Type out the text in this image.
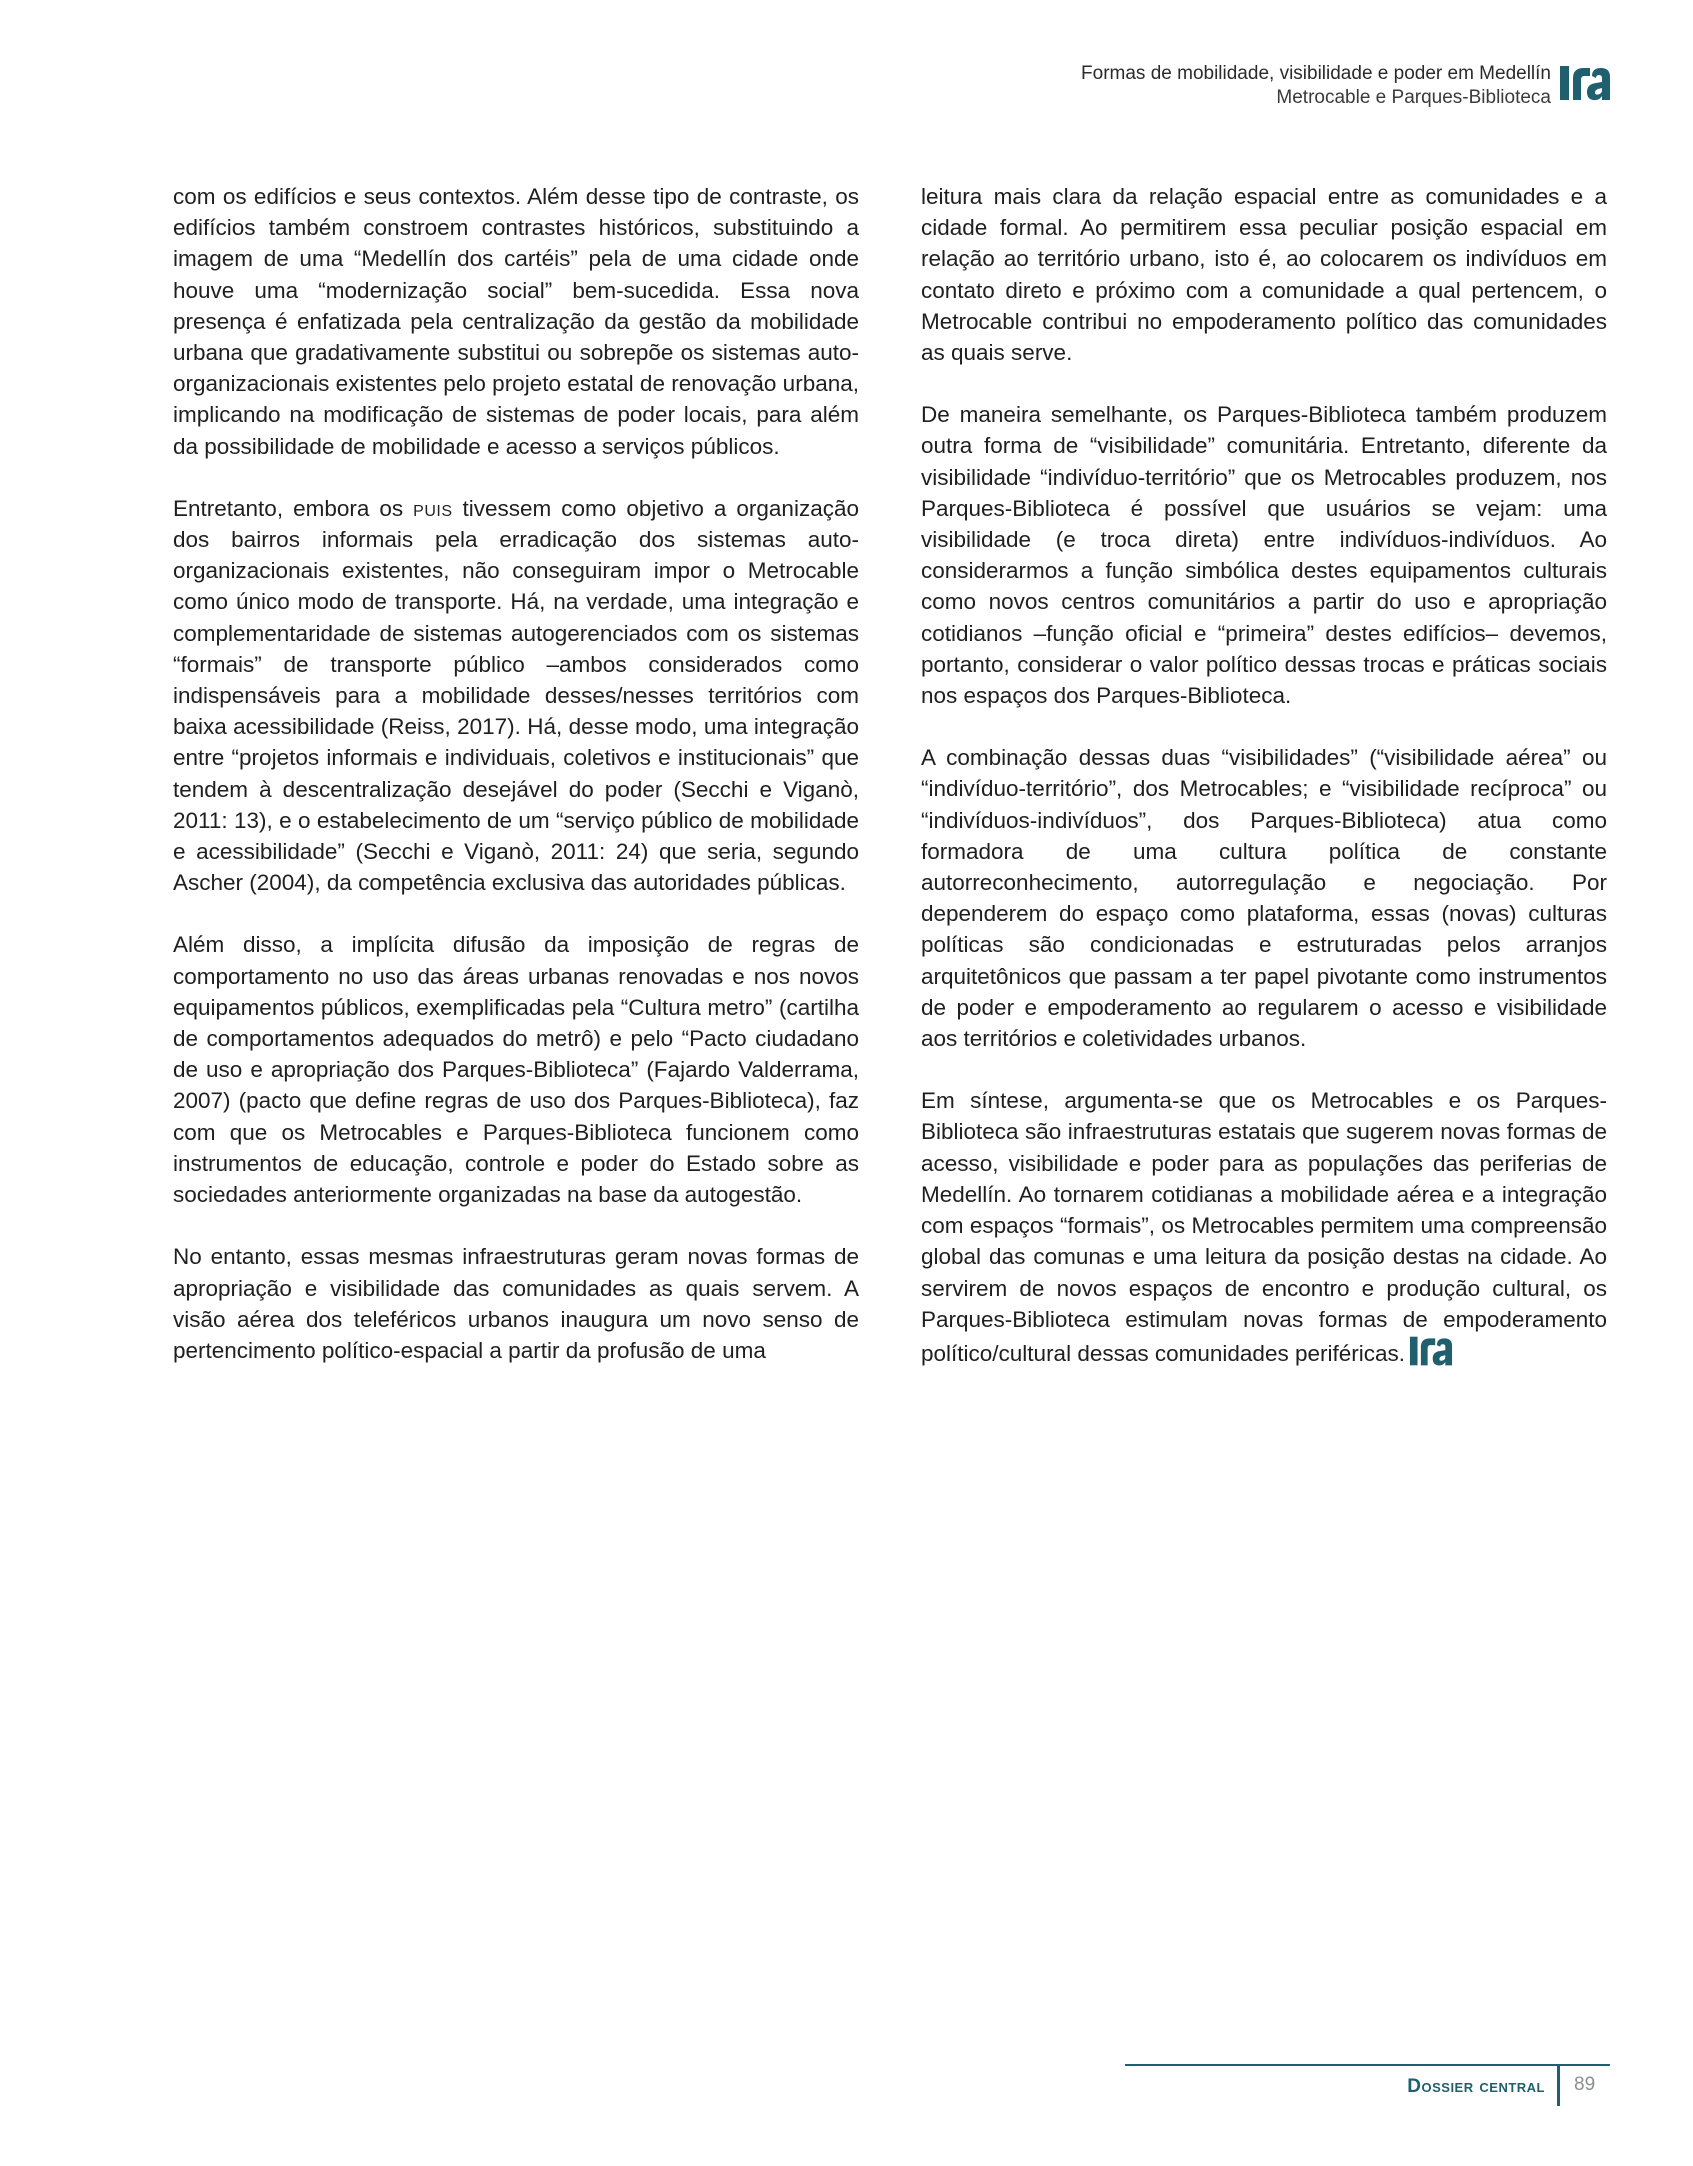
Formas de mobilidade, visibilidade e poder em Medellín
Metrocable e Parques-Biblioteca

com os edifícios e seus contextos. Além desse tipo de contraste, os edifícios também constroem contrastes históricos, substituindo a imagem de uma “Medellín dos cartéis” pela de uma cidade onde houve uma “modernização social” bem-sucedida. Essa nova presença é enfatizada pela centralização da gestão da mobilidade urbana que gradativamente substitui ou sobrepõe os sistemas auto-organizacionais existentes pelo projeto estatal de renovação urbana, implicando na modificação de sistemas de poder locais, para além da possibilidade de mobilidade e acesso a serviços públicos.

Entretanto, embora os puis tivessem como objetivo a organização dos bairros informais pela erradicação dos sistemas auto-organizacionais existentes, não conseguiram impor o Metrocable como único modo de transporte. Há, na verdade, uma integração e complementaridade de sistemas autogerenciados com os sistemas “formais” de transporte público –ambos considerados como indispensáveis para a mobilidade desses/nesses territórios com baixa acessibilidade (Reiss, 2017). Há, desse modo, uma integração entre “projetos informais e individuais, coletivos e institucionais” que tendem à descentralização desejável do poder (Secchi e Viganò, 2011: 13), e o estabelecimento de um “serviço público de mobilidade e acessibilidade” (Secchi e Viganò, 2011: 24) que seria, segundo Ascher (2004), da competência exclusiva das autoridades públicas.

Além disso, a implícita difusão da imposição de regras de comportamento no uso das áreas urbanas renovadas e nos novos equipamentos públicos, exemplificadas pela “Cultura metro” (cartilha de comportamentos adequados do metrô) e pelo “Pacto ciudadano de uso e apropriação dos Parques-Biblioteca” (Fajardo Valderrama, 2007) (pacto que define regras de uso dos Parques-Biblioteca), faz com que os Metrocables e Parques-Biblioteca funcionem como instrumentos de educação, controle e poder do Estado sobre as sociedades anteriormente organizadas na base da autogestão.

No entanto, essas mesmas infraestruturas geram novas formas de apropriação e visibilidade das comunidades as quais servem. A visão aérea dos teleféricos urbanos inaugura um novo senso de pertencimento político-espacial a partir da profusão de uma

leitura mais clara da relação espacial entre as comunidades e a cidade formal. Ao permitirem essa peculiar posição espacial em relação ao território urbano, isto é, ao colocarem os indivíduos em contato direto e próximo com a comunidade a qual pertencem, o Metrocable contribui no empoderamento político das comunidades as quais serve.

De maneira semelhante, os Parques-Biblioteca também produzem outra forma de “visibilidade” comunitária. Entretanto, diferente da visibilidade “indivíduo-território” que os Metrocables produzem, nos Parques-Biblioteca é possível que usuários se vejam: uma visibilidade (e troca direta) entre indivíduos-indivíduos. Ao considerarmos a função simbólica destes equipamentos culturais como novos centros comunitários a partir do uso e apropriação cotidianos –função oficial e “primeira” destes edifícios– devemos, portanto, considerar o valor político dessas trocas e práticas sociais nos espaços dos Parques-Biblioteca.

A combinação dessas duas “visibilidades” (“visibilidade aérea” ou “indivíduo-território”, dos Metrocables; e “visibilidade recíproca” ou “indivíduos-indivíduos”, dos Parques-Biblioteca) atua como formadora de uma cultura política de constante autorreconhecimento, autorregulação e negociação. Por dependerem do espaço como plataforma, essas (novas) culturas políticas são condicionadas e estruturadas pelos arranjos arquitetônicos que passam a ter papel pivotante como instrumentos de poder e empoderamento ao regularem o acesso e visibilidade aos territórios e coletividades urbanos.

Em síntese, argumenta-se que os Metrocables e os Parques-Biblioteca são infraestruturas estatais que sugerem novas formas de acesso, visibilidade e poder para as populações das periferias de Medellín. Ao tornarem cotidianas a mobilidade aérea e a integração com espaços “formais”, os Metrocables permitem uma compreensão global das comunas e uma leitura da posição destas na cidade. Ao servirem de novos espaços de encontro e produção cultural, os Parques-Biblioteca estimulam novas formas de empoderamento político/cultural dessas comunidades periféricas.

Dossier central 89
